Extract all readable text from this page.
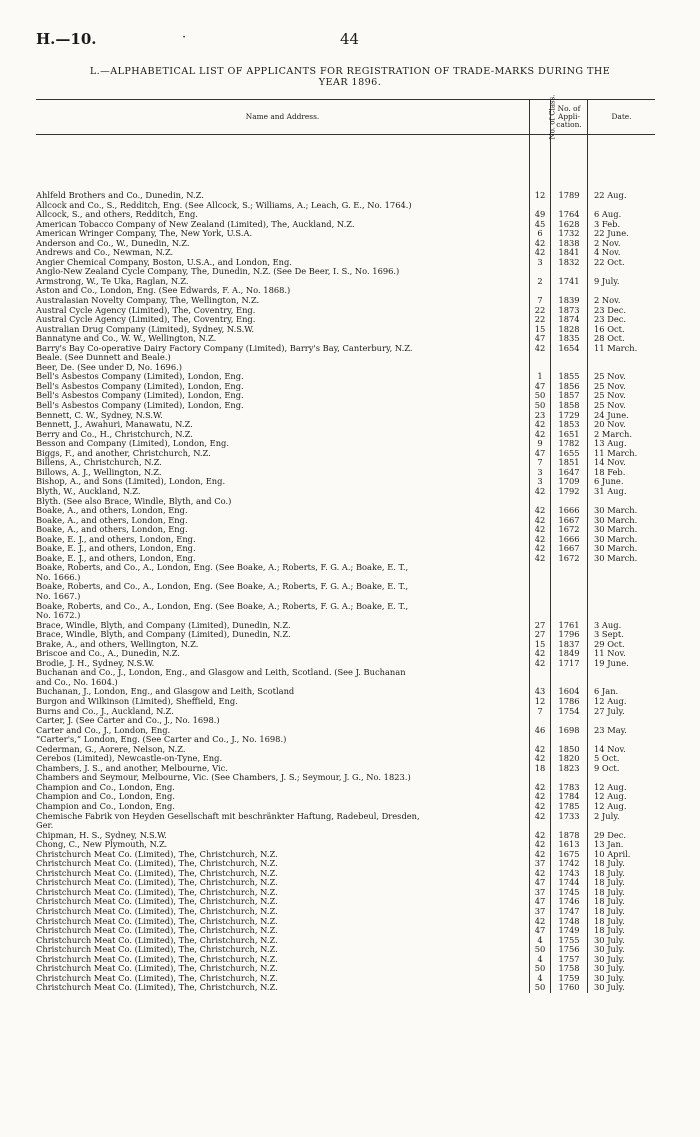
H.—10.	·	44
L.—ALPHABETICAL LIST OF APPLICANTS FOR REGISTRATION OF TRADE-MARKS DURING THE
YEAR 1896.
Name and Address.	No. of Class.	No. of Appli-cation.	Date.

Ahlfeld Brothers and Co., Dunedin, N.Z.	12	1789	22 Aug.
Allcock and Co., S., Redditch, Eng. (See Allcock, S.; Williams, A.; Leach, G. E., No. 1764.)			
Allcock, S., and others, Redditch, Eng.	49	1764	6 Aug.
American Tobacco Company of New Zealand (Limited), The, Auckland, N.Z.	45	1628	3 Feb.
American Wringer Company, The, New York, U.S.A.	6	1732	22 June.
Anderson and Co., W., Dunedin, N.Z.	42	1838	2 Nov.
Andrews and Co., Newman, N.Z.	42	1841	4 Nov.
Angier Chemical Company, Boston, U.S.A., and London, Eng.	3	1832	22 Oct.
Anglo-New Zealand Cycle Company, The, Dunedin, N.Z. (See De Beer, I. S., No. 1696.)			
Armstrong, W., Te Uka, Raglan, N.Z.	2	1741	9 July.
Aston and Co., London, Eng. (See Edwards, F. A., No. 1868.)			
Australasian Novelty Company, The, Wellington, N.Z.	7	1839	2 Nov.
Austral Cycle Agency (Limited), The, Coventry, Eng.	22	1873	23 Dec.
Austral Cycle Agency (Limited), The, Coventry, Eng.	22	1874	23 Dec.
Australian Drug Company (Limited), Sydney, N.S.W.	15	1828	16 Oct.
Bannatyne and Co., W. W., Wellington, N.Z.	47	1835	28 Oct.
Barry's Bay Co-operative Dairy Factory Company (Limited), Barry's Bay, Canterbury, N.Z.	42	1654	11 March.
Beale. (See Dunnett and Beale.)			
Beer, De. (See under D, No. 1696.)			
Bell's Asbestos Company (Limited), London, Eng.	1	1855	25 Nov.
Bell's Asbestos Company (Limited), London, Eng.	47	1856	25 Nov.
Bell's Asbestos Company (Limited), London, Eng.	50	1857	25 Nov.
Bell's Asbestos Company (Limited), London, Eng.	50	1858	25 Nov.
Bennett, C. W., Sydney, N.S.W.	23	1729	24 June.
Bennett, J., Awahuri, Manawatu, N.Z.	42	1853	20 Nov.
Berry and Co., H., Christchurch, N.Z.	42	1651	2 March.
Besson and Company (Limited), London, Eng.	9	1782	13 Aug.
Biggs, F., and another, Christchurch, N.Z.	47	1655	11 March.
Billens, A., Christchurch, N.Z.	7	1851	14 Nov.
Billows, A. J., Wellington, N.Z.	3	1647	18 Feb.
Bishop, A., and Sons (Limited), London, Eng.	3	1709	6 June.
Blyth, W., Auckland, N.Z.	42	1792	31 Aug.
Blyth. (See also Brace, Windle, Blyth, and Co.)			
Boake, A., and others, London, Eng.	42	1666	30 March.
Boake, A., and others, London, Eng.	42	1667	30 March.
Boake, A., and others, London, Eng.	42	1672	30 March.
Boake, E. J., and others, London, Eng.	42	1666	30 March.
Boake, E. J., and others, London, Eng.	42	1667	30 March.
Boake, E. J., and others, London, Eng.	42	1672	30 March.
Boake, Roberts, and Co., A., London, Eng. (See Boake, A.; Roberts, F. G. A.; Boake, E. T.,			
No. 1666.)			
Boake, Roberts, and Co., A., London, Eng. (See Boake, A.; Roberts, F. G. A.; Boake, E. T.,			
No. 1667.)			
Boake, Roberts, and Co., A., London, Eng. (See Boake, A.; Roberts, F. G. A.; Boake, E. T.,			
No. 1672.)			
Brace, Windle, Blyth, and Company (Limited), Dunedin, N.Z.	27	1761	3 Aug.
Brace, Windle, Blyth, and Company (Limited), Dunedin, N.Z.	27	1796	3 Sept.
Brake, A., and others, Wellington, N.Z.	15	1837	29 Oct.
Briscoe and Co., A., Dunedin, N.Z.	42	1849	11 Nov.
Brodie, J. H., Sydney, N.S.W.	42	1717	19 June.
Buchanan and Co., J., London, Eng., and Glasgow and Leith, Scotland. (See J. Buchanan			
and Co., No. 1604.)			
Buchanan, J., London, Eng., and Glasgow and Leith, Scotland	43	1604	6 Jan.
Burgon and Wilkinson (Limited), Sheffield, Eng.	12	1786	12 Aug.
Burns and Co., J., Auckland, N.Z.	7	1754	27 July.
Carter, J. (See Carter and Co., J., No. 1698.)			
Carter and Co., J., London, Eng.	46	1698	23 May.
“Carter's,” London, Eng. (See Carter and Co., J., No. 1698.)			
Cederman, G., Aorere, Nelson, N.Z.	42	1850	14 Nov.
Cerebos (Limited), Newcastle-on-Tyne, Eng.	42	1820	5 Oct.
Chambers, J. S., and another, Melbourne, Vic.	18	1823	9 Oct.
Chambers and Seymour, Melbourne, Vic. (See Chambers, J. S.; Seymour, J. G., No. 1823.)			
Champion and Co., London, Eng.	42	1783	12 Aug.
Champion and Co., London, Eng.	42	1784	12 Aug.
Champion and Co., London, Eng.	42	1785	12 Aug.
Chemische Fabrik von Heyden Gesellschaft mit beschränkter Haftung, Radebeul, Dresden,	42	1733	2 July.
Ger.			
Chipman, H. S., Sydney, N.S.W.	42	1878	29 Dec.
Chong, C., New Plymouth, N.Z.	42	1613	13 Jan.
Christchurch Meat Co. (Limited), The, Christchurch, N.Z.	42	1675	10 April.
Christchurch Meat Co. (Limited), The, Christchurch, N.Z.	37	1742	18 July.
Christchurch Meat Co. (Limited), The, Christchurch, N.Z.	42	1743	18 July.
Christchurch Meat Co. (Limited), The, Christchurch, N.Z.	47	1744	18 July.
Christchurch Meat Co. (Limited), The, Christchurch, N.Z.	37	1745	18 July.
Christchurch Meat Co. (Limited), The, Christchurch, N.Z.	47	1746	18 July.
Christchurch Meat Co. (Limited), The, Christchurch, N.Z.	37	1747	18 July.
Christchurch Meat Co. (Limited), The, Christchurch, N.Z.	42	1748	18 July.
Christchurch Meat Co. (Limited), The, Christchurch, N.Z.	47	1749	18 July.
Christchurch Meat Co. (Limited), The, Christchurch, N.Z.	4	1755	30 July.
Christchurch Meat Co. (Limited), The, Christchurch, N.Z.	50	1756	30 July.
Christchurch Meat Co. (Limited), The, Christchurch, N.Z.	4	1757	30 July.
Christchurch Meat Co. (Limited), The, Christchurch, N.Z.	50	1758	30 July.
Christchurch Meat Co. (Limited), The, Christchurch, N.Z.	4	1759	30 July.
Christchurch Meat Co. (Limited), The, Christchurch, N.Z.	50	1760	30 July.
